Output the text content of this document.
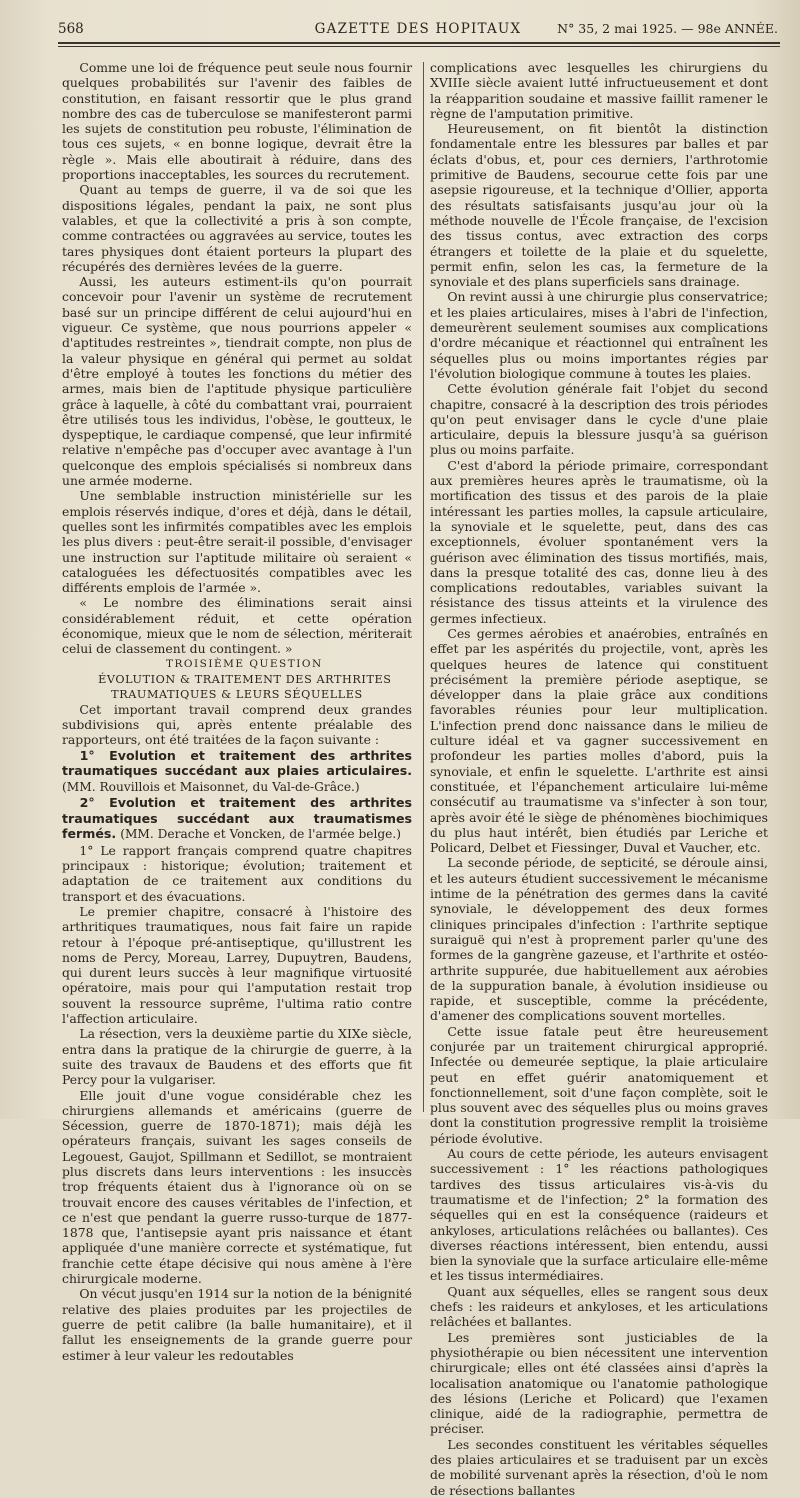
568	GAZETTE DES HOPITAUX	N° 35, 2 mai 1925. — 98e ANNÉE.

Comme une loi de fréquence peut seule nous fournir quelques probabilités sur l'avenir des faibles de constitution, en faisant ressortir que le plus grand nombre des cas de tuberculose se manifesteront parmi les sujets de constitution peu robuste, l'élimination de tous ces sujets, « en bonne logique, devrait être la règle ». Mais elle aboutirait à réduire, dans des proportions inacceptables, les sources du recrutement.

Quant au temps de guerre, il va de soi que les dispositions légales, pendant la paix, ne sont plus valables, et que la collectivité a pris à son compte, comme contractées ou aggravées au service, toutes les tares physiques dont étaient porteurs la plupart des récupérés des dernières levées de la guerre.

Aussi, les auteurs estiment-ils qu'on pourrait concevoir pour l'avenir un système de recrutement basé sur un principe différent de celui aujourd'hui en vigueur. Ce système, que nous pourrions appeler « d'aptitudes restreintes », tiendrait compte, non plus de la valeur physique en général qui permet au soldat d'être employé à toutes les fonctions du métier des armes, mais bien de l'aptitude physique particulière grâce à laquelle, à côté du combattant vrai, pourraient être utilisés tous les individus, l'obèse, le goutteux, le dyspeptique, le cardiaque compensé, que leur infirmité relative n'empêche pas d'occuper avec avantage à l'un quelconque des emplois spécialisés si nombreux dans une armée moderne.

Une semblable instruction ministérielle sur les emplois réservés indique, d'ores et déjà, dans le détail, quelles sont les infirmités compatibles avec les emplois les plus divers : peut-être serait-il possible, d'envisager une instruction sur l'aptitude militaire où seraient « cataloguées les défectuosités compatibles avec les différents emplois de l'armée ».

« Le nombre des éliminations serait ainsi considérablement réduit, et cette opération économique, mieux que le nom de sélection, mériterait celui de classement du contingent. »

TROISIÈME QUESTION

ÉVOLUTION & TRAITEMENT DES ARTHRITES TRAUMATIQUES & LEURS SÉQUELLES

Cet important travail comprend deux grandes subdivisions qui, après entente préalable des rapporteurs, ont été traitées de la façon suivante :

1° Evolution et traitement des arthrites traumatiques succédant aux plaies articulaires. (MM. Rouvillois et Maisonnet, du Val-de-Grâce.)

2° Evolution et traitement des arthrites traumatiques succédant aux traumatismes fermés. (MM. Derache et Voncken, de l'armée belge.)

1° Le rapport français comprend quatre chapitres principaux : historique; évolution; traitement et adaptation de ce traitement aux conditions du transport et des évacuations.

Le premier chapitre, consacré à l'histoire des arthritiques traumatiques, nous fait faire un rapide retour à l'époque pré-antiseptique, qu'illustrent les noms de Percy, Moreau, Larrey, Dupuytren, Baudens, qui durent leurs succès à leur magnifique virtuosité opératoire, mais pour qui l'amputation restait trop souvent la ressource suprême, l'ultima ratio contre l'affection articulaire.

La résection, vers la deuxième partie du XIXe siècle, entra dans la pratique de la chirurgie de guerre, à la suite des travaux de Baudens et des efforts que fit Percy pour la vulgariser.

Elle jouit d'une vogue considérable chez les chirurgiens allemands et américains (guerre de Sécession, guerre de 1870-1871); mais déjà les opérateurs français, suivant les sages conseils de Legouest, Gaujot, Spillmann et Sedillot, se montraient plus discrets dans leurs interventions : les insuccès trop fréquents étaient dus à l'ignorance où on se trouvait encore des causes véritables de l'infection, et ce n'est que pendant la guerre russo-turque de 1877-1878 que, l'antisepsie ayant pris naissance et étant appliquée d'une manière correcte et systématique, fut franchie cette étape décisive qui nous amène à l'ère chirurgicale moderne.

On vécut jusqu'en 1914 sur la notion de la bénignité relative des plaies produites par les projectiles de guerre de petit calibre (la balle humanitaire), et il fallut les enseignements de la grande guerre pour estimer à leur valeur les redoutables

complications avec lesquelles les chirurgiens du XVIIIe siècle avaient lutté infructueusement et dont la réapparition soudaine et massive faillit ramener le règne de l'amputation primitive.

Heureusement, on fit bientôt la distinction fondamentale entre les blessures par balles et par éclats d'obus, et, pour ces derniers, l'arthrotomie primitive de Baudens, secourue cette fois par une asepsie rigoureuse, et la technique d'Ollier, apporta des résultats satisfaisants jusqu'au jour où la méthode nouvelle de l'École française, de l'excision des tissus contus, avec extraction des corps étrangers et toilette de la plaie et du squelette, permit enfin, selon les cas, la fermeture de la synoviale et des plans superficiels sans drainage.

On revint aussi à une chirurgie plus conservatrice; et les plaies articulaires, mises à l'abri de l'infection, demeurèrent seulement soumises aux complications d'ordre mécanique et réactionnel qui entraînent les séquelles plus ou moins importantes régies par l'évolution biologique commune à toutes les plaies.

Cette évolution générale fait l'objet du second chapitre, consacré à la description des trois périodes qu'on peut envisager dans le cycle d'une plaie articulaire, depuis la blessure jusqu'à sa guérison plus ou moins parfaite.

C'est d'abord la période primaire, correspondant aux premières heures après le traumatisme, où la mortification des tissus et des parois de la plaie intéressant les parties molles, la capsule articulaire, la synoviale et le squelette, peut, dans des cas exceptionnels, évoluer spontanément vers la guérison avec élimination des tissus mortifiés, mais, dans la presque totalité des cas, donne lieu à des complications redoutables, variables suivant la résistance des tissus atteints et la virulence des germes infectieux.

Ces germes aérobies et anaérobies, entraînés en effet par les aspérités du projectile, vont, après les quelques heures de latence qui constituent précisément la première période aseptique, se développer dans la plaie grâce aux conditions favorables réunies pour leur multiplication. L'infection prend donc naissance dans le milieu de culture idéal et va gagner successivement en profondeur les parties molles d'abord, puis la synoviale, et enfin le squelette. L'arthrite est ainsi constituée, et l'épanchement articulaire lui-même consécutif au traumatisme va s'infecter à son tour, après avoir été le siège de phénomènes biochimiques du plus haut intérêt, bien étudiés par Leriche et Policard, Delbet et Fiessinger, Duval et Vaucher, etc.

La seconde période, de septicité, se déroule ainsi, et les auteurs étudient successivement le mécanisme intime de la pénétration des germes dans la cavité synoviale, le développement des deux formes cliniques principales d'infection : l'arthrite septique suraiguë qui n'est à proprement parler qu'une des formes de la gangrène gazeuse, et l'arthrite et ostéo-arthrite suppurée, due habituellement aux aérobies de la suppuration banale, à évolution insidieuse ou rapide, et susceptible, comme la précédente, d'amener des complications souvent mortelles.

Cette issue fatale peut être heureusement conjurée par un traitement chirurgical approprié. Infectée ou demeurée septique, la plaie articulaire peut en effet guérir anatomiquement et fonctionnellement, soit d'une façon complète, soit le plus souvent avec des séquelles plus ou moins graves dont la constitution progressive remplit la troisième période évolutive.

Au cours de cette période, les auteurs envisagent successivement : 1° les réactions pathologiques tardives des tissus articulaires vis-à-vis du traumatisme et de l'infection; 2° la formation des séquelles qui en est la conséquence (raideurs et ankyloses, articulations relâchées ou ballantes). Ces diverses réactions intéressent, bien entendu, aussi bien la synoviale que la surface articulaire elle-même et les tissus intermédiaires.

Quant aux séquelles, elles se rangent sous deux chefs : les raideurs et ankyloses, et les articulations relâchées et ballantes.

Les premières sont justiciables de la physiothérapie ou bien nécessitent une intervention chirurgicale; elles ont été classées ainsi d'après la localisation anatomique ou l'anatomie pathologique des lésions (Leriche et Policard) que l'examen clinique, aidé de la radiographie, permettra de préciser.

Les secondes constituent les véritables séquelles des plaies articulaires et se traduisent par un excès de mobilité survenant après la résection, d'où le nom de résections ballantes
